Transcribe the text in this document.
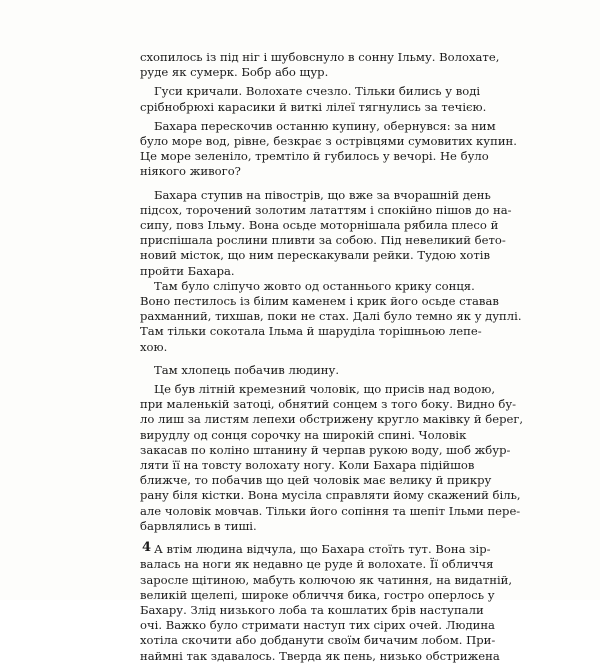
схопилось із під ніг і шубовснуло в сонну Ільму. Волохате,
руде як сумерк. Бобр або щур.
Гуси кричали. Волохате счезло. Тільки бились у воді
срібнобрюхі карасики й виткі лілеї тягнулись за течією.
Бахара перескочив останню купину, обернувся: за ним
було море вод, рівне, безкрає з острівцями сумовитих купин.
Це море зеленіло, тремтіло й губилось у вечорі. Не було
ніякого живого?
Бахара ступив на півострів, що вже за вчорашній день
підсох, торочений золотим лататтям і спокійно пішов до на-
сипу, повз Ільму. Вона осьде моторнішала рябила плесо й
приспішала рослини пливти за собою. Під невеликий бето-
новий місток, що ним перескакували рейки. Тудою хотів
пройти Бахара.
Там було сліпучо жовто од останнього крику сонця.
Воно пестилось із білим каменем і крик його осьде ставав
рахманний, тихшав, поки не стах. Далі було темно як у дуплі.
Там тільки сокотала Ільма й шаруділа торішньою лепе-
хою.
Там хлопець побачив людину.
Це був літній кремезний чоловік, що присів над водою,
при маленькій затоці, обнятий сонцем з того боку. Видно бу-
ло лиш за листям лепехи обстрижену кругло маківку й берег,
вирудлу од сонця сорочку на широкій спині. Чоловік
закасав по коліно штанину й черпав рукою воду, шоб жбур-
ляти її на товсту волохату ногу. Коли Бахара підійшов
ближче, то побачив що цей чоловік має велику й прикру
рану біля кістки. Вона мусіла справляти йому скажений біль,
але чоловік мовчав. Тільки його сопіння та шепіт Ільми пере-
барвлялись в тиші.
А втім людина відчула, що Бахара стоїть тут. Вона зір-
валась на ноги як недавно це руде й волохате. Її обличчя
заросле щітиною, мабуть колючою як чатиння, на видатній,
великій щелепі, широке обличчя бика, гостро оперлось у
Бахару. Злід низького лоба та кошлатих брів наступали
очі. Важко було стримати наступ тих сірих очей. Людина
хотіла скочити або добданути своїм бичачим лобом. При-
наймні так здавалось. Тверда як пень, низько обстрижена
4
